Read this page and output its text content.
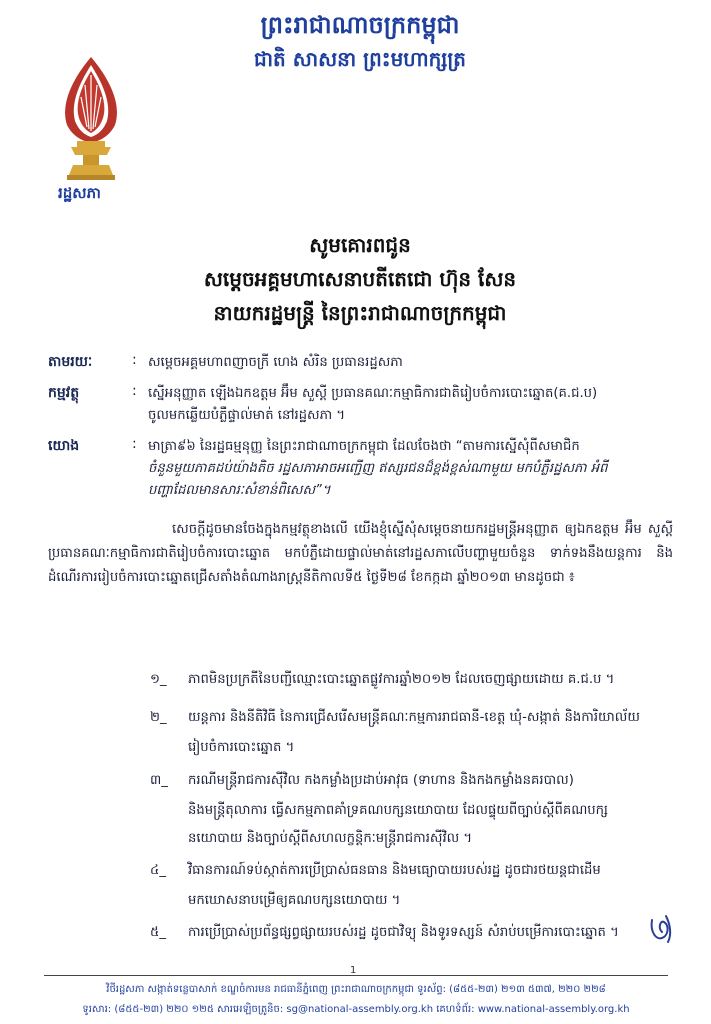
ព្រះរាជាណាចក្រកម្ពុជា
ជាតិ សាសនា ព្រះមហាក្សត្រ
រដ្ឋសភា
សូមគោរពជូន
សម្ដេចអគ្គមហាសេនាបតីតេជោ ហ៊ុន សែន
នាយករដ្ឋមន្ត្រី នៃព្រះរាជាណាចក្រកម្ពុជា
តាមរយៈ	: សម្ដេចអគ្គមហាពញាចក្រី ហេង សំរិន ប្រធានរដ្ឋសភា
កម្មវត្ថុ	: ស្នើអនុញ្ញាត ឡើងឯកឧត្ដម អ៊ឹម សួស្ដី ប្រធានគណៈកម្មាធិការជាតិរៀបចំការបោះឆ្នោត(គ.ជ.ប)
ចូលមកឆ្លើយបំភ្លឺផ្ទាល់មាត់ នៅរដ្ឋសភា ។
យោង	: មាត្រា៩៦ នៃរដ្ឋធម្មនុញ្ញ នៃព្រះរាជាណាចក្រកម្ពុជា ដែលចែងថា “តាមការស្នើសុំពីសមាជិក
ចំនួនមួយភាគដប់យ៉ាងតិច រដ្ឋសភាអាចអញ្ជើញ ឥស្សរជនដ៏ខ្ពង់ខ្ពស់ណាមួយ មកបំភ្លឺរដ្ឋសភា អំពី
បញ្ហាដែលមានសារៈសំខាន់ពិសេស”។
សេចក្ដីដូចមានចែងក្នុងកម្មវត្ថុខាងលើ យើងខ្ញុំស្នើសុំសម្ដេចនាយករដ្ឋមន្ត្រីអនុញ្ញាត ឲ្យឯកឧត្ដម អ៊ឹម សួស្ដី ប្រធានគណៈកម្មាធិការជាតិរៀបចំការបោះឆ្នោត មកបំភ្លឺដោយផ្ទាល់មាត់នៅរដ្ឋសភាលើបញ្ហាមួយចំនួន ទាក់ទងនឹងយន្តការ និងដំណើរការរៀបចំការបោះឆ្នោតជ្រើសតាំងតំណាងរាស្ត្រនីតិកាលទី៥ ថ្ងៃទី២៨ ខែកក្កដា ឆ្នាំ២០១៣ មានដូចជា ៖
១_ ភាពមិនប្រក្រតីនៃបញ្ជីឈ្មោះបោះឆ្នោតផ្លូវការឆ្នាំ២០១២ ដែលចេញផ្សាយដោយ គ.ជ.ប ។
២_ យន្តការ និងនីតិវិធី នៃការជ្រើសរើសមន្ត្រីគណៈកម្មការរាជធានី-ខេត្ត ឃុំ-សង្កាត់ និងការិយាល័យ
រៀបចំការបោះឆ្នោត ។
៣_ ករណីមន្ត្រីរាជការស៊ីវិល កងកម្លាំងប្រដាប់អាវុធ (ទាហាន និងកងកម្លាំងនគរបាល)
និងមន្ត្រីតុលាការ ធ្វើសកម្មភាពគាំទ្រគណបក្សនយោបាយ ដែលផ្ទុយពីច្បាប់ស្ដីពីគណបក្ស
នយោបាយ និងច្បាប់ស្ដីពីសហលក្ខន្តិកៈមន្ត្រីរាជការស៊ីវិល ។
៤_ វិធានការណ៍ទប់ស្កាត់ការប្រើប្រាស់ធនធាន និងមធ្យោបាយរបស់រដ្ឋ ដូចជារថយន្តជាដើម
មកឃោសនាបម្រើឲ្យគណបក្សនយោបាយ ។
៥_ ការប្រើប្រាស់ប្រព័ន្ធផ្សព្វផ្សាយរបស់រដ្ឋ ដូចជាវិទ្យុ និងទូរទស្សន៍ សំរាប់បម្រើការបោះឆ្នោត ។
1
វិថីរដ្ឋសភា សង្កាត់ទន្លេបាសាក់ ខណ្ឌចំការមន រាជធានីភ្នំពេញ ព្រះរាជាណាចក្រកម្ពុជា ទូរស័ព្ទ: (៨៥៥-២៣) ២១៣ ៥៣៧, ២២០ ២២៨
ទូរសារ: (៨៥៥-២៣) ២២០ ១២៥ សារអេឡិចត្រូនិច: sg@national-assembly.org.kh គេហទំព័រ: www.national-assembly.org.kh
